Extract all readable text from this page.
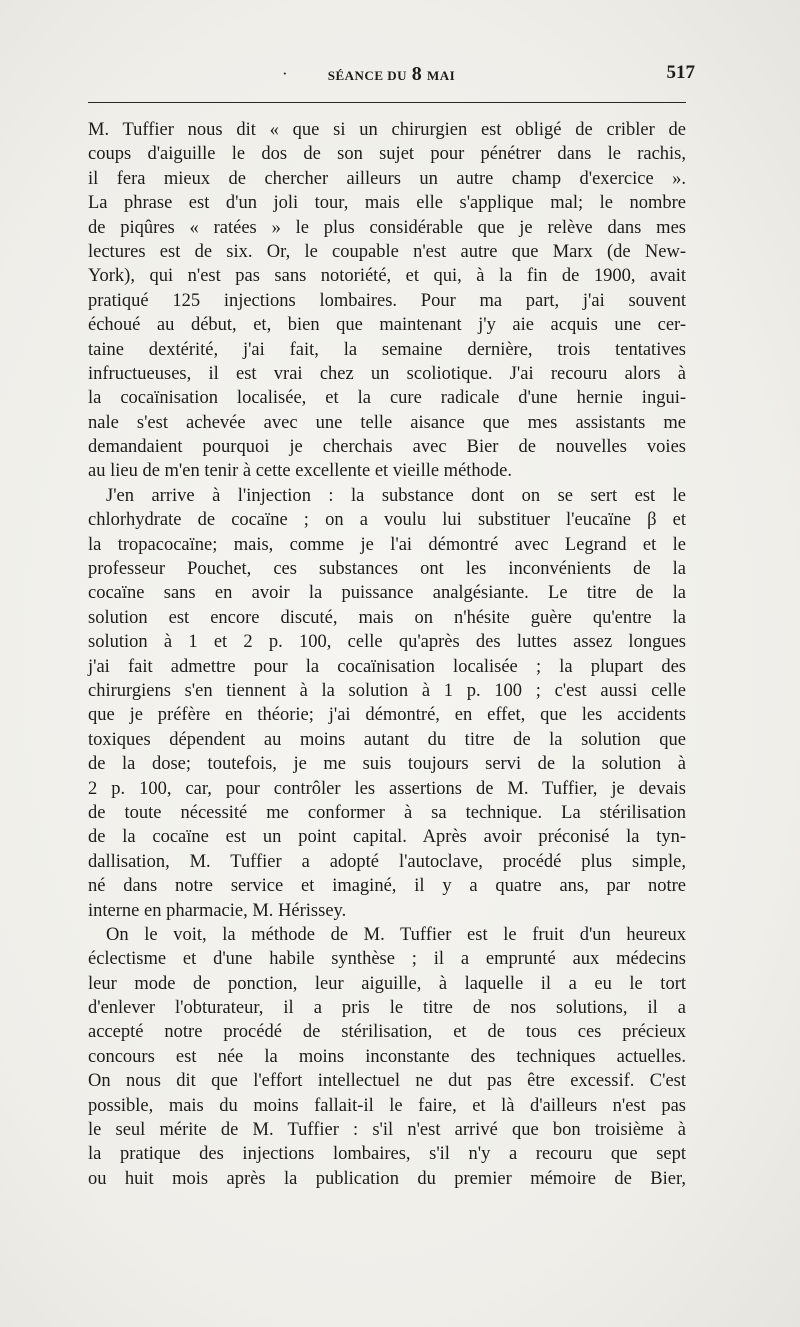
·	SÉANCE DU 8 MAI	517
M. Tuffier nous dit « que si un chirurgien est obligé de cribler de
coups d'aiguille le dos de son sujet pour pénétrer dans le rachis,
il fera mieux de chercher ailleurs un autre champ d'exercice ».
La phrase est d'un joli tour, mais elle s'applique mal; le nombre
de piqûres « ratées » le plus considérable que je relève dans mes
lectures est de six. Or, le coupable n'est autre que Marx (de New-
York), qui n'est pas sans notoriété, et qui, à la fin de 1900, avait
pratiqué 125 injections lombaires. Pour ma part, j'ai souvent
échoué au début, et, bien que maintenant j'y aie acquis une cer-
taine dextérité, j'ai fait, la semaine dernière, trois tentatives
infructueuses, il est vrai chez un scoliotique. J'ai recouru alors à
la cocaïnisation localisée, et la cure radicale d'une hernie ingui-
nale s'est achevée avec une telle aisance que mes assistants me
demandaient pourquoi je cherchais avec Bier de nouvelles voies
au lieu de m'en tenir à cette excellente et vieille méthode.
J'en arrive à l'injection : la substance dont on se sert est le
chlorhydrate de cocaïne ; on a voulu lui substituer l'eucaïne β et
la tropacocaïne; mais, comme je l'ai démontré avec Legrand et le
professeur Pouchet, ces substances ont les inconvénients de la
cocaïne sans en avoir la puissance analgésiante. Le titre de la
solution est encore discuté, mais on n'hésite guère qu'entre la
solution à 1 et 2 p. 100, celle qu'après des luttes assez longues
j'ai fait admettre pour la cocaïnisation localisée ; la plupart des
chirurgiens s'en tiennent à la solution à 1 p. 100 ; c'est aussi celle
que je préfère en théorie; j'ai démontré, en effet, que les accidents
toxiques dépendent au moins autant du titre de la solution que
de la dose; toutefois, je me suis toujours servi de la solution à
2 p. 100, car, pour contrôler les assertions de M. Tuffier, je devais
de toute nécessité me conformer à sa technique. La stérilisation
de la cocaïne est un point capital. Après avoir préconisé la tyn-
dallisation, M. Tuffier a adopté l'autoclave, procédé plus simple,
né dans notre service et imaginé, il y a quatre ans, par notre
interne en pharmacie, M. Hérissey.
On le voit, la méthode de M. Tuffier est le fruit d'un heureux
éclectisme et d'une habile synthèse ; il a emprunté aux médecins
leur mode de ponction, leur aiguille, à laquelle il a eu le tort
d'enlever l'obturateur, il a pris le titre de nos solutions, il a
accepté notre procédé de stérilisation, et de tous ces précieux
concours est née la moins inconstante des techniques actuelles.
On nous dit que l'effort intellectuel ne dut pas être excessif. C'est
possible, mais du moins fallait-il le faire, et là d'ailleurs n'est pas
le seul mérite de M. Tuffier : s'il n'est arrivé que bon troisième à
la pratique des injections lombaires, s'il n'y a recouru que sept
ou huit mois après la publication du premier mémoire de Bier,
